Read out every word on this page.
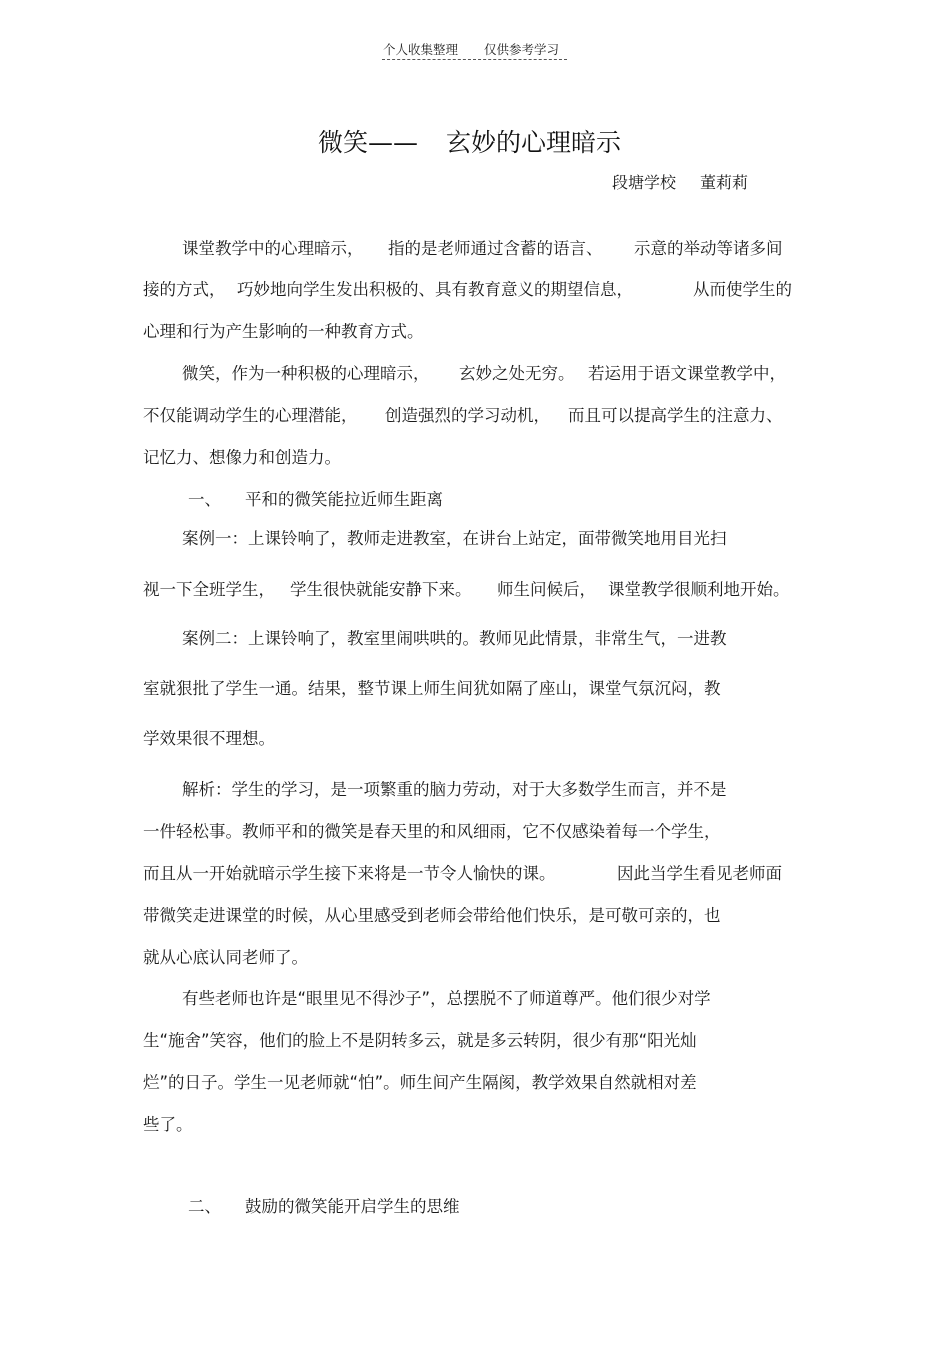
个人收集整理 仅供参考学习
微笑—— 玄妙的心理暗示
段塘学校 董莉莉
课堂教学中的心理暗示， 指的是老师通过含蓄的语言、 示意的举动等诸多间
接的方式， 巧妙地向学生发出积极的、具有教育意义的期望信息，	从而使学生的
心理和行为产生影响的一种教育方式。
微笑，作为一种积极的心理暗示， 玄妙之处无穷。 若运用于语文课堂教学中，
不仅能调动学生的心理潜能， 创造强烈的学习动机， 而且可以提高学生的注意力、
记忆力、想像力和创造力。
一、 平和的微笑能拉近师生距离
案例一：上课铃响了，教师走进教室，在讲台上站定，面带微笑地用目光扫
视一下全班学生， 学生很快就能安静下来。 师生问候后， 课堂教学很顺利地开始。
案例二：上课铃响了，教室里闹哄哄的。教师见此情景，非常生气，一进教
室就狠批了学生一通。结果，整节课上师生间犹如隔了座山，课堂气氛沉闷，教
学效果很不理想。
解析：学生的学习，是一项繁重的脑力劳动，对于大多数学生而言，并不是
一件轻松事。教师平和的微笑是春天里的和风细雨，它不仅感染着每一个学生，
而且从一开始就暗示学生接下来将是一节令人愉快的课。	因此当学生看见老师面
带微笑走进课堂的时候，从心里感受到老师会带给他们快乐，是可敬可亲的，也
就从心底认同老师了。
有些老师也许是“眼里见不得沙子”，总摆脱不了师道尊严。他们很少对学
生“施舍”笑容，他们的脸上不是阴转多云，就是多云转阴，很少有那“阳光灿
烂”的日子。学生一见老师就“怕”。师生间产生隔阂，教学效果自然就相对差
些了。
二、 鼓励的微笑能开启学生的思维
